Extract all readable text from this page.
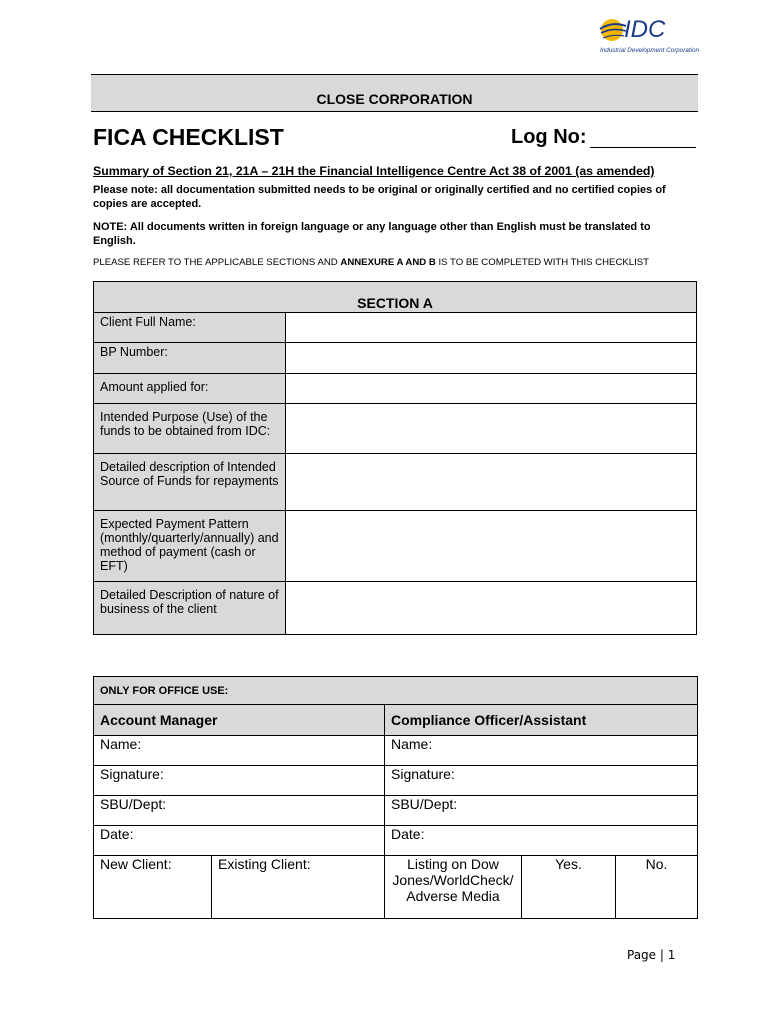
IDC
Industrial Development Corporation
CLOSE CORPORATION
FICA CHECKLIST	Log No:
Summary of Section 21, 21A – 21H the Financial Intelligence Centre Act 38 of 2001 (as amended)
Please note: all documentation submitted needs to be original or originally certified and no certified copies of copies are accepted.
NOTE: All documents written in foreign language or any language other than English must be translated to English.
PLEASE REFER TO THE APPLICABLE SECTIONS AND ANNEXURE A AND B IS TO BE COMPLETED WITH THIS CHECKLIST
SECTION A	
Client Full Name:	
BP Number:	
Amount applied for:	
Intended Purpose (Use) of the funds to be obtained from IDC:	
Detailed description of Intended Source of Funds for repayments	
Expected Payment Pattern (monthly/quarterly/annually) and method of payment (cash or EFT)	
Detailed Description of nature of business of the client	
ONLY FOR OFFICE USE:				
Account Manager		Compliance Officer/Assistant		
Name:		Name:		
Signature:		Signature:		
SBU/Dept:		SBU/Dept:		
Date:		Date:		
New Client:	Existing Client:	Listing on Dow Jones/WorldCheck/ Adverse Media	Yes.	No.
Page | 1
